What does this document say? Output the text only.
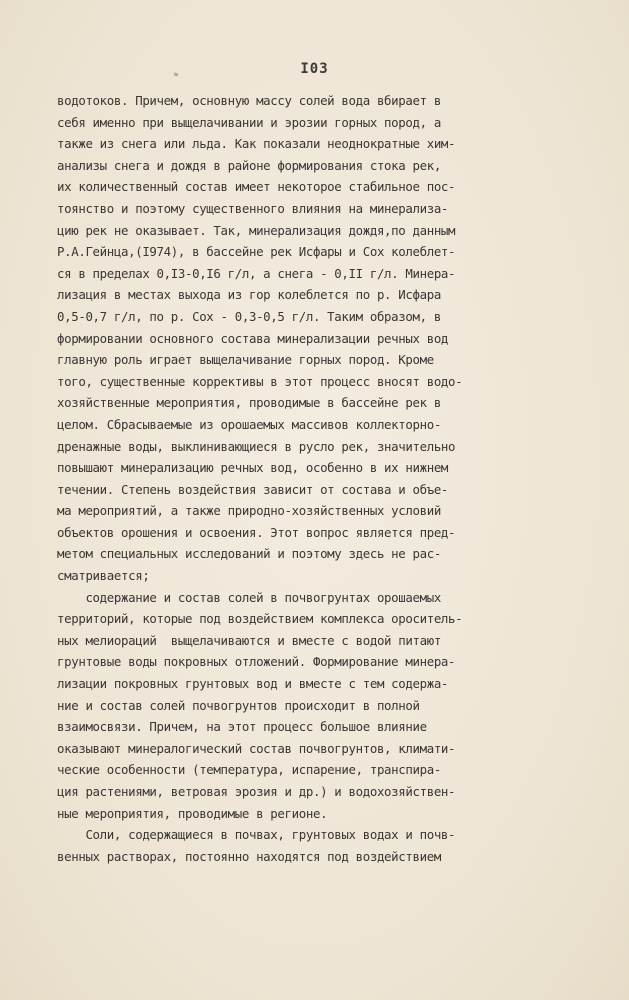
I03
водотоков. Причем, основную массу солей вода вбирает в
себя именно при выщелачивании и эрозии горных пород, а
также из снега или льда. Как показали неоднократные хим-
анализы снега и дождя в районе формирования стока рек,
их количественный состав имеет некоторое стабильное пос-
тоянство и поэтому существенного влияния на минерализа-
цию рек не оказывает. Так, минерализация дождя,по данным
Р.А.Гейнца,(I974), в бассейне рек Исфары и Сох колеблет-
ся в пределах 0,I3-0,I6 г/л, а снега - 0,II г/л. Минера-
лизация в местах выхода из гор колеблется по р. Исфара
0,5-0,7 г/л, по р. Сох - 0,3-0,5 г/л. Таким образом, в
формировании основного состава минерализации речных вод
главную роль играет выщелачивание горных пород. Кроме
того, существенные коррективы в этот процесс вносят водо-
хозяйственные мероприятия, проводимые в бассейне рек в
целом. Сбрасываемые из орошаемых массивов коллекторно-
дренажные воды, выклинивающиеся в русло рек, значительно
повышают минерализацию речных вод, особенно в их нижнем
течении. Степень воздействия зависит от состава и объе-
ма мероприятий, а также природно-хозяйственных условий
объектов орошения и освоения. Этот вопрос является пред-
метом специальных исследований и поэтому здесь не рас-
сматривается;
содержание и состав солей в почвогрунтах орошаемых
территорий, которые под воздействием комплекса ороситель-
ных мелиораций  выщелачиваются и вместе с водой питают
грунтовые воды покровных отложений. Формирование минера-
лизации покровных грунтовых вод и вместе с тем содержа-
ние и состав солей почвогрунтов происходит в полной
взаимосвязи. Причем, на этот процесс большое влияние
оказывают минералогический состав почвогрунтов, климати-
ческие особенности (температура, испарение, транспира-
ция растениями, ветровая эрозия и др.) и водохозяйствен-
ные мероприятия, проводимые в регионе.
Соли, содержащиеся в почвах, грунтовых водах и почв-
венных растворах, постоянно находятся под воздействием
